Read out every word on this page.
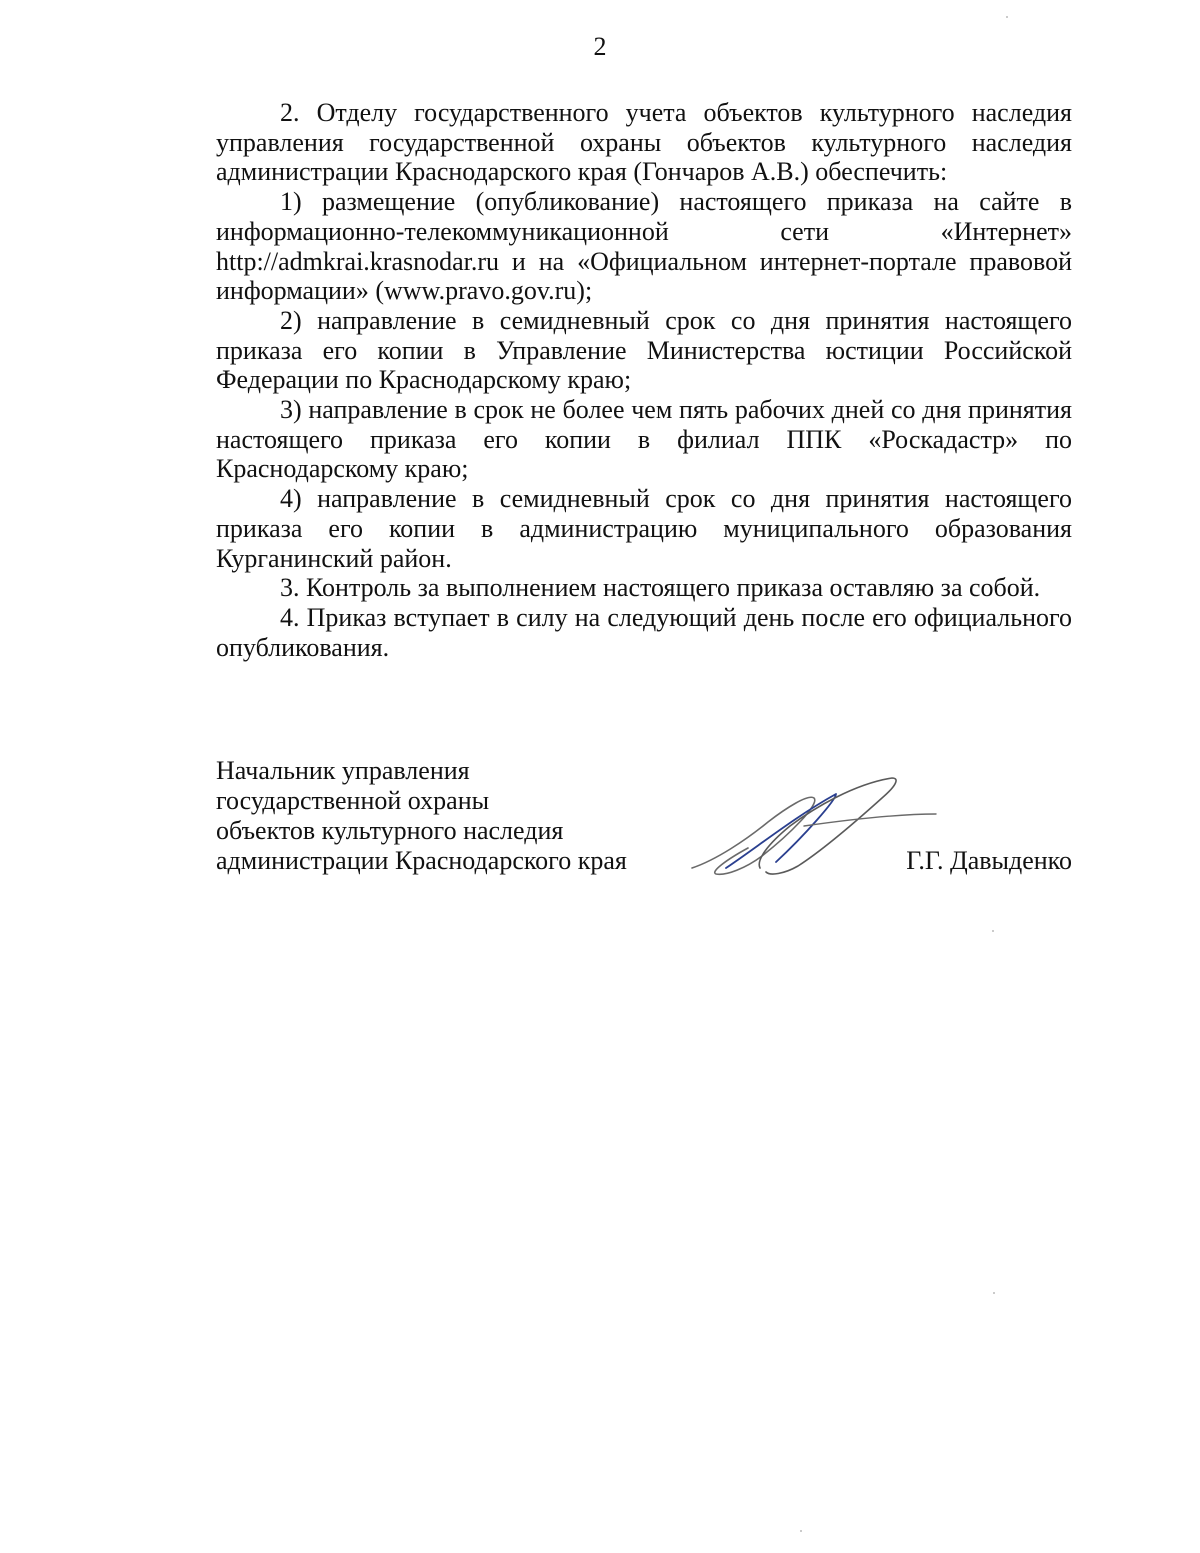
2

2. Отделу государственного учета объектов культурного наследия управления государственной охраны объектов культурного наследия администрации Краснодарского края (Гончаров А.В.) обеспечить:

1) размещение (опубликование) настоящего приказа на сайте в информационно-телекоммуникационной сети «Интернет» http://admkrai.krasnodar.ru и на «Официальном интернет-портале правовой информации» (www.pravo.gov.ru);

2) направление в семидневный срок со дня принятия настоящего приказа его копии в Управление Министерства юстиции Российской Федерации по Краснодарскому краю;

3) направление в срок не более чем пять рабочих дней со дня принятия настоящего приказа его копии в филиал ППК «Роскадастр» по Краснодарскому краю;

4) направление в семидневный срок со дня принятия настоящего приказа его копии в администрацию муниципального образования Курганинский район.

3. Контроль за выполнением настоящего приказа оставляю за собой.

4. Приказ вступает в силу на следующий день после его официального опубликования.

Начальник управления
государственной охраны
объектов культурного наследия
администрации Краснодарского края	Г.Г. Давыденко
